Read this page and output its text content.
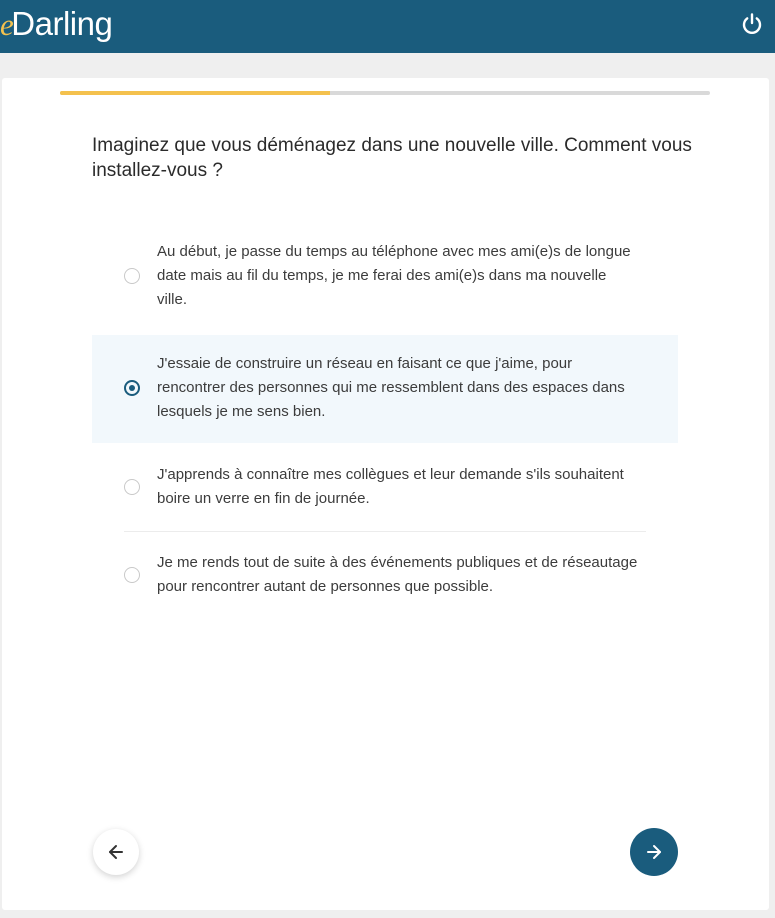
eDarling
Imaginez que vous déménagez dans une nouvelle ville. Comment vous installez-vous ?
Au début, je passe du temps au téléphone avec mes ami(e)s de longue date mais au fil du temps, je me ferai des ami(e)s dans ma nouvelle ville.
J'essaie de construire un réseau en faisant ce que j'aime, pour rencontrer des personnes qui me ressemblent dans des espaces dans lesquels je me sens bien.
J'apprends à connaître mes collègues et leur demande s'ils souhaitent boire un verre en fin de journée.
Je me rends tout de suite à des événements publiques et de réseautage pour rencontrer autant de personnes que possible.
